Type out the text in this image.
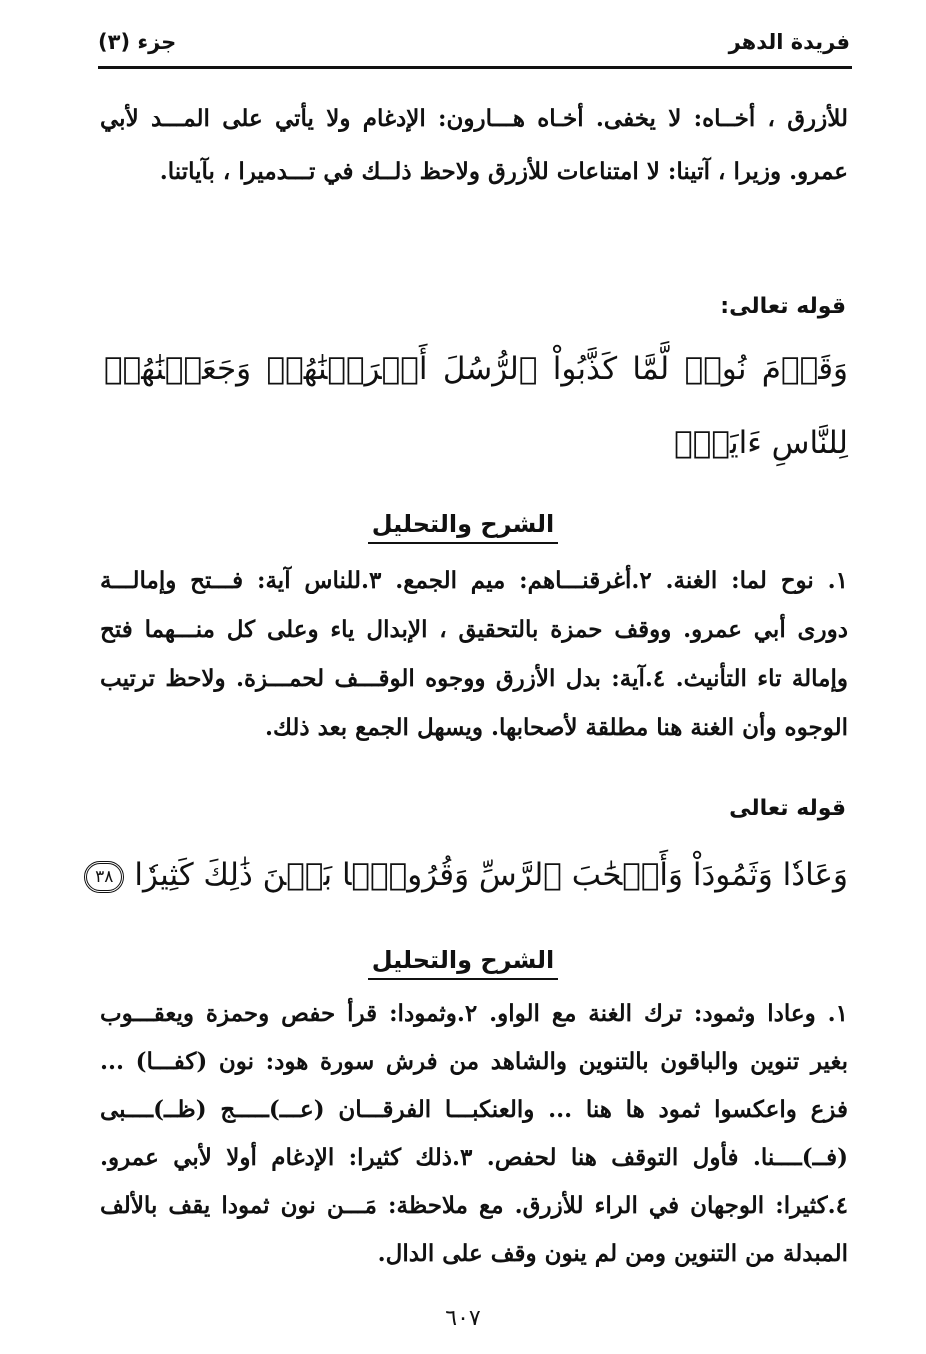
فريدة الدهر
جزء (٣)
للأزرق ، أخــاه: لا يخفى. أخـاه هـــارون: الإدغام ولا يأتي على المـــد لأبي عمرو. وزيرا ، آتينا: لا امتناعات للأزرق ولاحظ ذلــك في تـــدميرا ، بآياتنا.
قوله تعالى:
وَقَوۡمَ نُوحٖ لَّمَّا كَذَّبُواْ ٱلرُّسُلَ أَغۡرَقۡنَٰهُمۡ وَجَعَلۡنَٰهُمۡ لِلنَّاسِ ءَايَةٗۖ
الشرح والتحليل
١. نوح لما: الغنة. ٢.أغرقنـــاهم: ميم الجمع. ٣.للناس آية: فـــتح وإمالـــة دورى أبي عمرو. ووقف حمزة بالتحقيق ، الإبدال ياء وعلى كل منـــهما فتح وإمالة تاء التأنيث. ٤.آية: بدل الأزرق ووجوه الوقـــف لحمـــزة. ولاحظ ترتيب الوجوه وأن الغنة هنا مطلقة لأصحابها. ويسهل الجمع بعد ذلك.
قوله تعالى
وَعَادٗا وَثَمُودَاْ وَأَصۡحَٰبَ ٱلرَّسِّ وَقُرُونَۢا بَيۡنَ ذَٰلِكَ كَثِيرٗا٣٨
الشرح والتحليل
١. وعادا وثمود: ترك الغنة مع الواو. ٢.وثمودا: قرأ حفص وحمزة ويعقـــوب بغير تنوين والباقون بالتنوين والشاهد من فرش سورة هود: نون (كفـــا) ... فزع واعكسوا ثمود ها هنا ... والعنكبـــا الفرقـــان (عـــ)ـــــج (ظــ)ــــبى (فــ)ــــنا. فأول التوقف هنا لحفص. ٣.ذلك كثيرا: الإدغام أولا لأبي عمرو. ٤.كثيرا: الوجهان في الراء للأزرق. مع ملاحظة: مَـــن نون ثمودا يقف بالألف المبدلة من التنوين ومن لم ينون وقف على الدال.
٦٠٧
